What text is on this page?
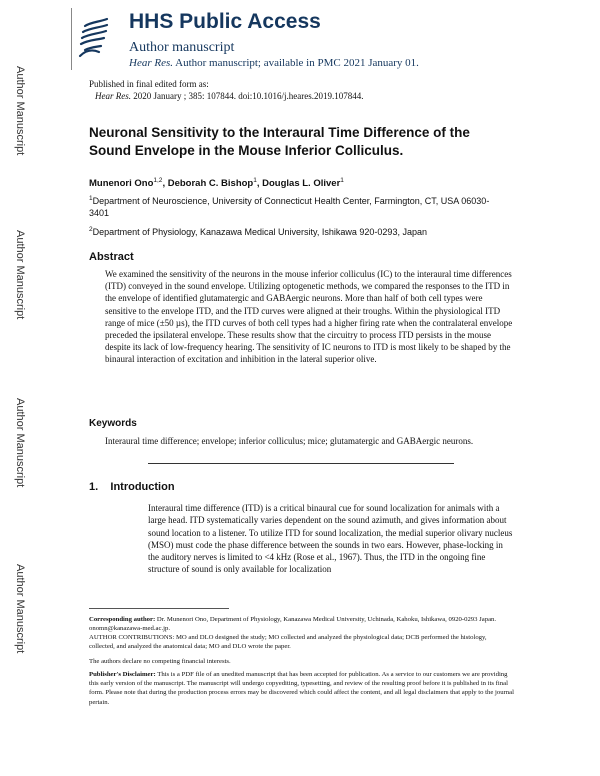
Author Manuscript
Author Manuscript
Author Manuscript
Author Manuscript
HHS Public Access
Author manuscript
Hear Res. Author manuscript; available in PMC 2021 January 01.
Published in final edited form as:
Hear Res. 2020 January ; 385: 107844. doi:10.1016/j.heares.2019.107844.
Neuronal Sensitivity to the Interaural Time Difference of the Sound Envelope in the Mouse Inferior Colliculus.
Munenori Ono$^{1,2}$, Deborah C. Bishop$^1$, Douglas L. Oliver$^1$
$^1$Department of Neuroscience, University of Connecticut Health Center, Farmington, CT, USA 06030-3401
$^2$Department of Physiology, Kanazawa Medical University, Ishikawa 920-0293, Japan
Abstract
We examined the sensitivity of the neurons in the mouse inferior colliculus (IC) to the interaural time differences (ITD) conveyed in the sound envelope. Utilizing optogenetic methods, we compared the responses to the ITD in the envelope of identified glutamatergic and GABAergic neurons. More than half of both cell types were sensitive to the envelope ITD, and the ITD curves were aligned at their troughs. Within the physiological ITD range of mice (±50 µs), the ITD curves of both cell types had a higher firing rate when the contralateral envelope preceded the ipsilateral envelope. These results show that the circuitry to process ITD persists in the mouse despite its lack of low-frequency hearing. The sensitivity of IC neurons to ITD is most likely to be shaped by the binaural interaction of excitation and inhibition in the lateral superior olive.
Keywords
Interaural time difference; envelope; inferior colliculus; mice; glutamatergic and GABAergic neurons.
1.    Introduction
Interaural time difference (ITD) is a critical binaural cue for sound localization for animals with a large head. ITD systematically varies dependent on the sound azimuth, and gives information about sound location to a listener. To utilize ITD for sound localization, the medial superior olivary nucleus (MSO) must code the phase difference between the sounds in two ears. However, phase-locking in the auditory nerves is limited to <4 kHz (Rose et al., 1967). Thus, the ITD in the ongoing fine structure of sound is only available for localization
Corresponding author: Dr. Munenori Ono, Department of Physiology, Kanazawa Medical University, Uchinada, Kahoku, Ishikawa, 0920-0293 Japan. onomn@kanazawa-med.ac.jp.
AUTHOR CONTRIBUTIONS: MO and DLO designed the study; MO collected and analyzed the physiological data; DCB performed the histology, collected, and analyzed the anatomical data; MO and DLO wrote the paper.
The authors declare no competing financial interests.
Publisher's Disclaimer: This is a PDF file of an unedited manuscript that has been accepted for publication. As a service to our customers we are providing this early version of the manuscript. The manuscript will undergo copyediting, typesetting, and review of the resulting proof before it is published in its final form. Please note that during the production process errors may be discovered which could affect the content, and all legal disclaimers that apply to the journal pertain.
